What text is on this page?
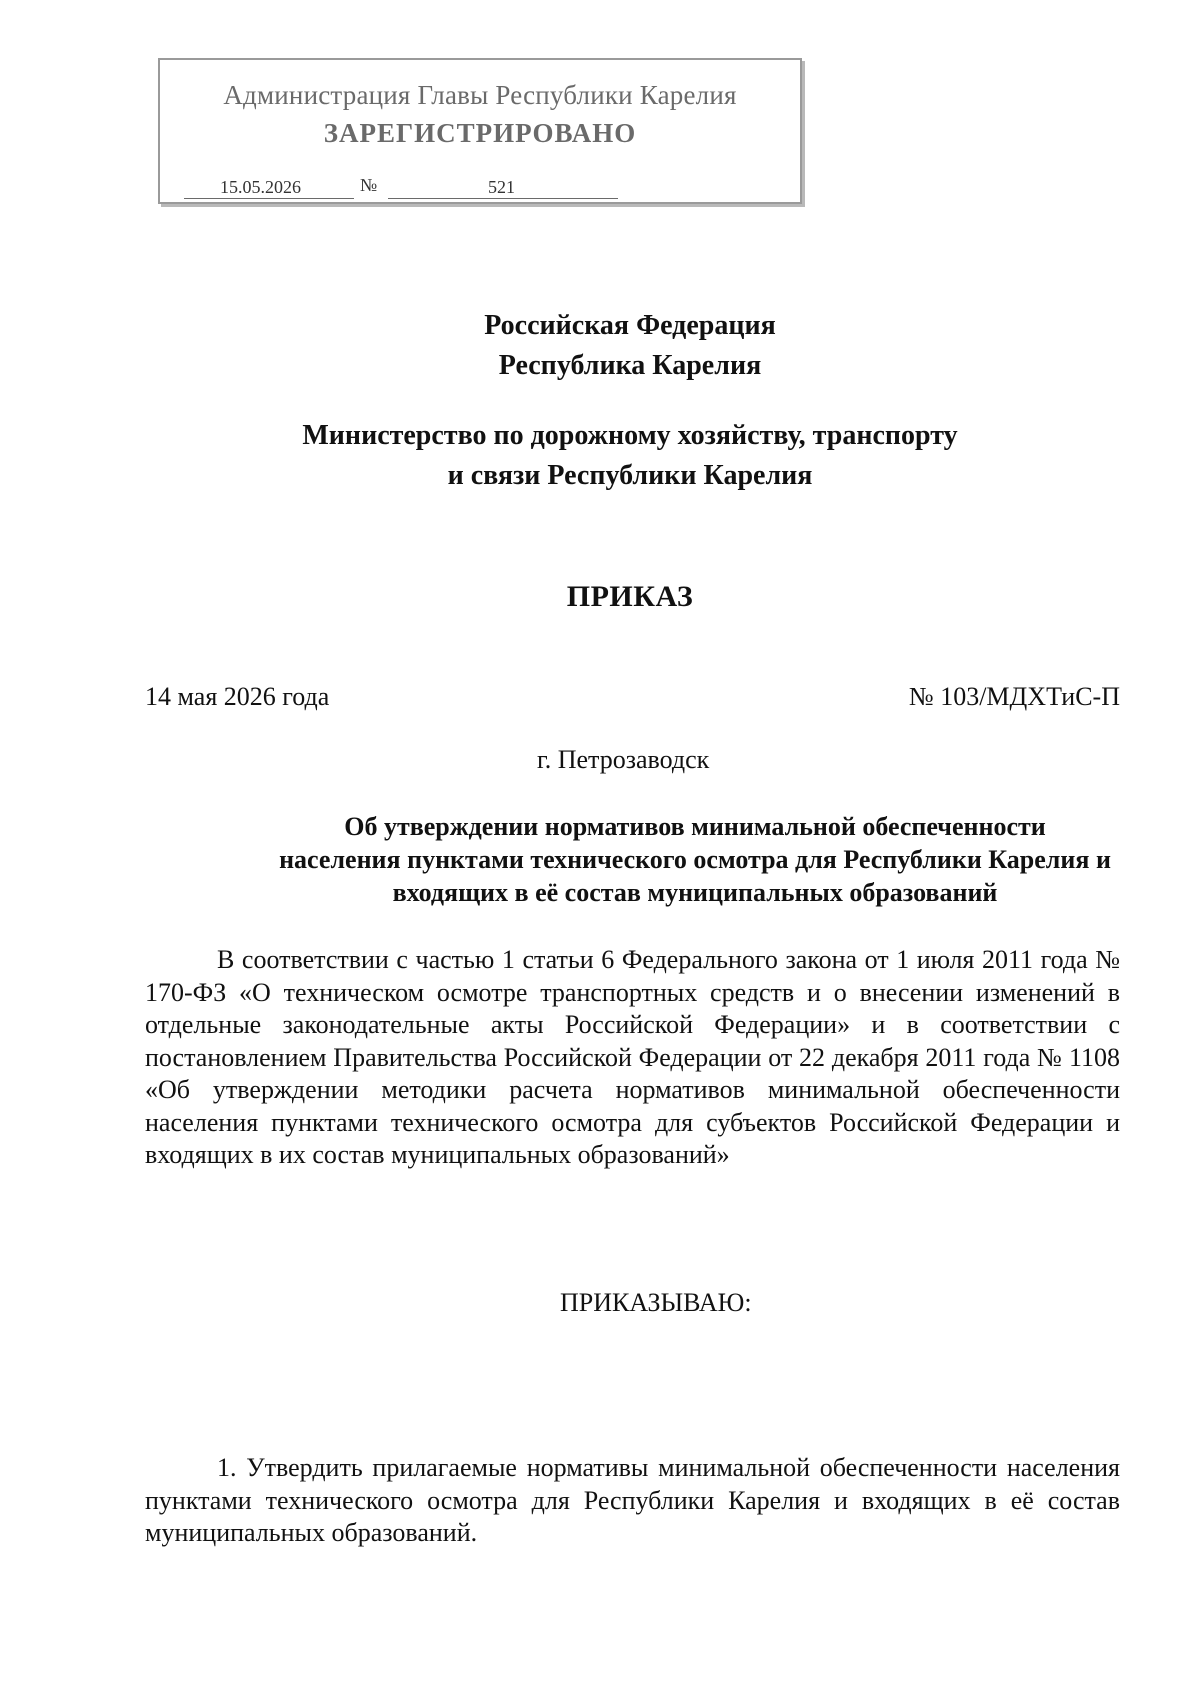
Администрация Главы Республики Карелия
ЗАРЕГИСТРИРОВАНО
15.05.2026	№	521
Российская Федерация
Республика Карелия
Министерство по дорожному хозяйству, транспорту
и связи Республики Карелия
ПРИКАЗ
14 мая 2026 года	№ 103/МДХТиС-П
г. Петрозаводск
Об утверждении нормативов минимальной обеспеченности
населения пунктами технического осмотра для Республики Карелия и
входящих в её состав муниципальных образований
В соответствии с частью 1 статьи 6 Федерального закона от 1 июля 2011 года № 170-ФЗ «О техническом осмотре транспортных средств и о внесении изменений в отдельные законодательные акты Российской Федерации» и в соответствии с постановлением Правительства Российской Федерации от 22 декабря 2011 года № 1108 «Об утверждении методики расчета нормативов минимальной обеспеченности населения пунктами технического осмотра для субъектов Российской Федерации и входящих в их состав муниципальных образований»
ПРИКАЗЫВАЮ:
1. Утвердить прилагаемые нормативы минимальной обеспеченности населения пунктами технического осмотра для Республики Карелия и входящих в её состав муниципальных образований.
